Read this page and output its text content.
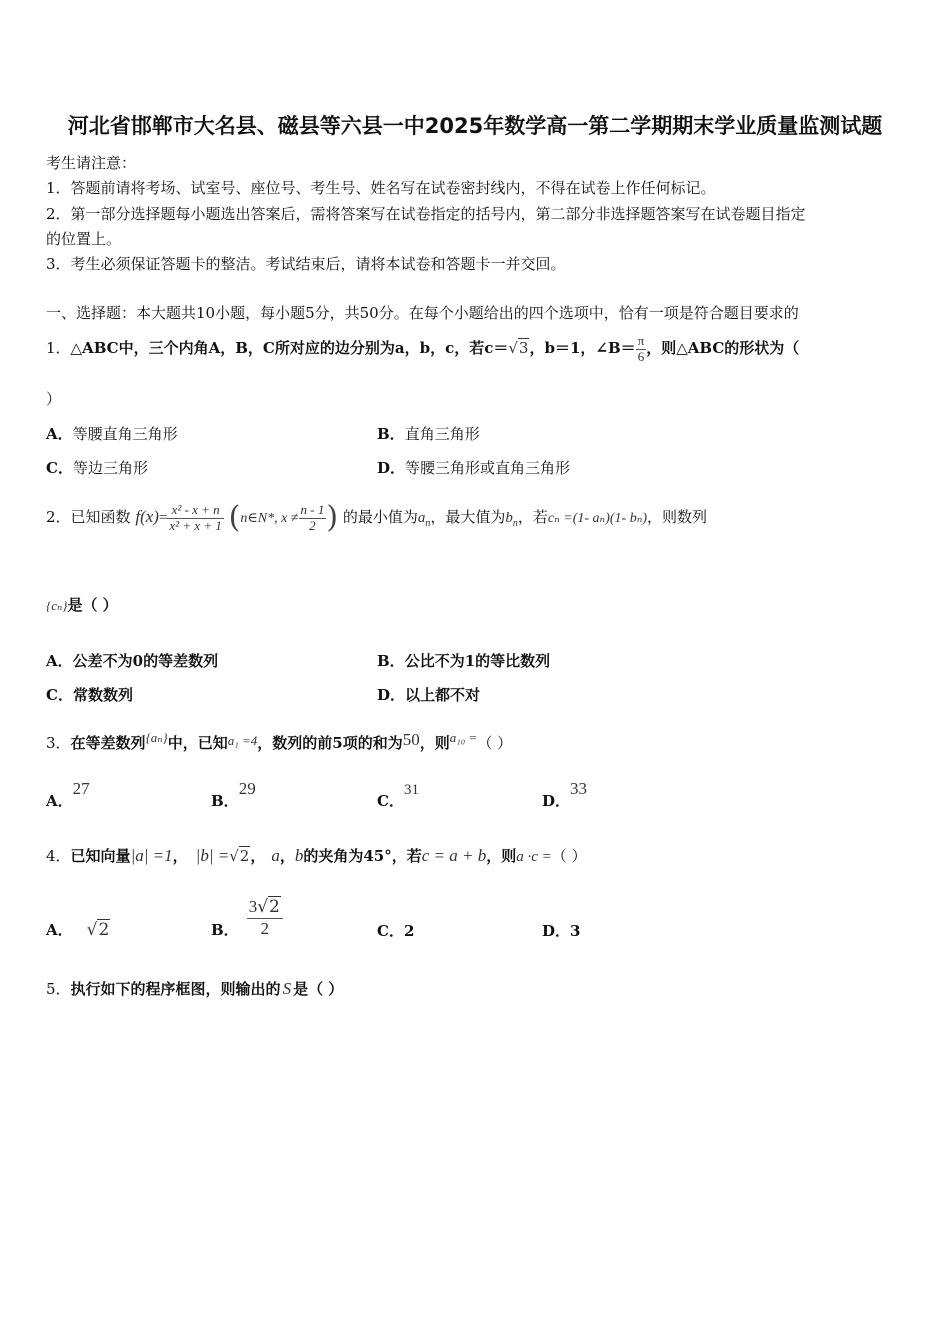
河北省邯郸市大名县、磁县等六县一中2025年数学高一第二学期期末学业质量监测试题
考生请注意：
1．答题前请将考场、试室号、座位号、考生号、姓名写在试卷密封线内，不得在试卷上作任何标记。
2．第一部分选择题每小题选出答案后，需将答案写在试卷指定的括号内，第二部分非选择题答案写在试卷题目指定
的位置上。
3．考生必须保证答题卡的整洁。考试结束后，请将本试卷和答题卡一并交回。
一、选择题：本大题共10小题，每小题5分，共50分。在每个小题给出的四个选项中，恰有一项是符合题目要求的
1．△ABC中，三个内角A，B，C所对应的边分别为a，b，c，若c＝√3，b＝1，∠B＝ $\frac{\pi}{6}$ ，则△ABC的形状为（
）
A．等腰直角三角形	B．直角三角形
C．等边三角形	D．等腰三角形或直角三角形
2．已知函数 $f(x)= \frac{\text{x² - x + n}}{\text{x² + x + 1}}$ (n∈N*, $x \ne \frac{n - 1}{2}$ ) 的最小值为$a_n$，最大值为$b_n$，若cₙ =(1- aₙ)(1- bₙ)，则数列
{cₙ}是（ ）
A．公差不为0的等差数列	B．公比不为1的等比数列
C．常数数列	D．以上都不对
3．在等差数列{aₙ}中，已知a₁ =4，数列的前5项的和为50，则a₁₀ =（ ）
A．27
B．29
C．31
D．33
4．已知向量|a| =1， |b| =√2， a，b的夹角为45°，若c = a + b，则a ·c =（ ）
A． √2	B． $\frac{3√2}{2}$	C．2	D．3
5．执行如下的程序框图，则输出的 S 是（ ）
